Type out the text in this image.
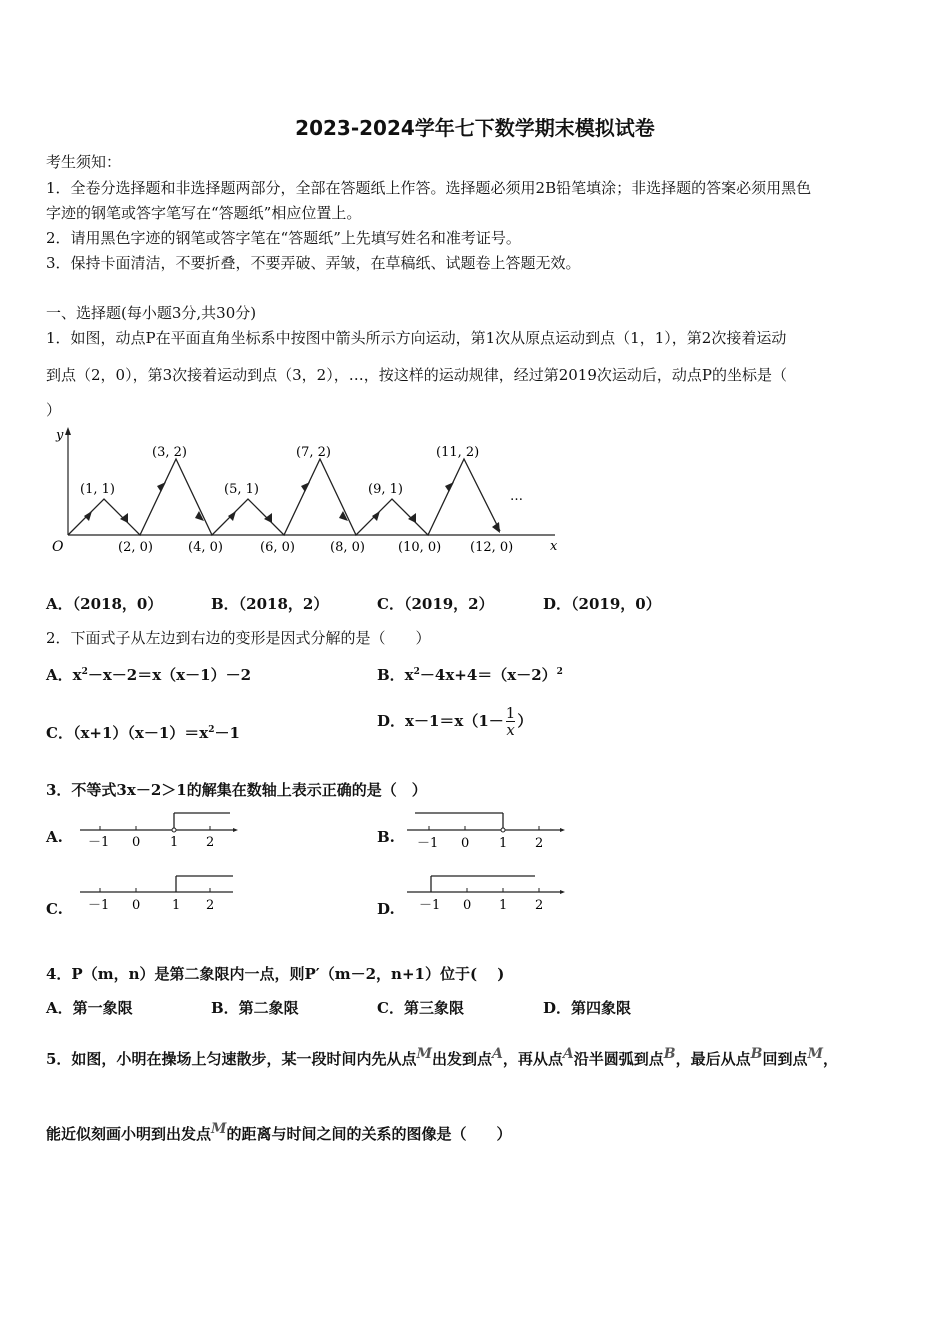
2023-2024学年七下数学期末模拟试卷
考生须知：
1．全卷分选择题和非选择题两部分，全部在答题纸上作答。选择题必须用2B铅笔填涂；非选择题的答案必须用黑色
字迹的钢笔或答字笔写在“答题纸”相应位置上。
2．请用黑色字迹的钢笔或答字笔在“答题纸”上先填写姓名和准考证号。
3．保持卡面清洁，不要折叠，不要弄破、弄皱，在草稿纸、试题卷上答题无效。
一、选择题(每小题3分,共30分)
1．如图，动点P在平面直角坐标系中按图中箭头所示方向运动，第1次从原点运动到点（1，1），第2次接着运动
到点（2，0），第3次接着运动到点（3，2），…，按这样的运动规律，经过第2019次运动后，动点P的坐标是（
）
y
x
O
(1, 1)
(3, 2)
(5, 1)
(7, 2)
(9, 1)
(11, 2)
…
(2, 0)	(4, 0)	(6, 0)	(8, 0)	(10, 0) (12, 0)
A．（2018，0）	B．（2018，2）	C．（2019，2）	D．（2019，0）
2．下面式子从左边到右边的变形是因式分解的是（　　）
A．$x^2-x-2=x(x-1)-2$	B．$x^2-4x+4=(x-2)^2$
C．$(x+1)(x-1)=x^2-1$
D．$x-1=x(1- \frac{1}{x}$ ）
3．不等式3x－2＞1的解集在数轴上表示正确的是（　）
A. －1 0 1 2	B. －1 0 1 2
C. －1 0 1 2	D. －1 0 1 2
4．P（m，n）是第二象限内一点，则P′（m－2，n+1）位于(　 )
A．第一象限	B．第二象限	C．第三象限	D．第四象限
5．如图，小明在操场上匀速散步，某一段时间内先从点M出发到点A，再从点A沿半圆弧到点B，最后从点B回到点M，
能近似刻画小明到出发点M的距离与时间之间的关系的图像是（　　）
